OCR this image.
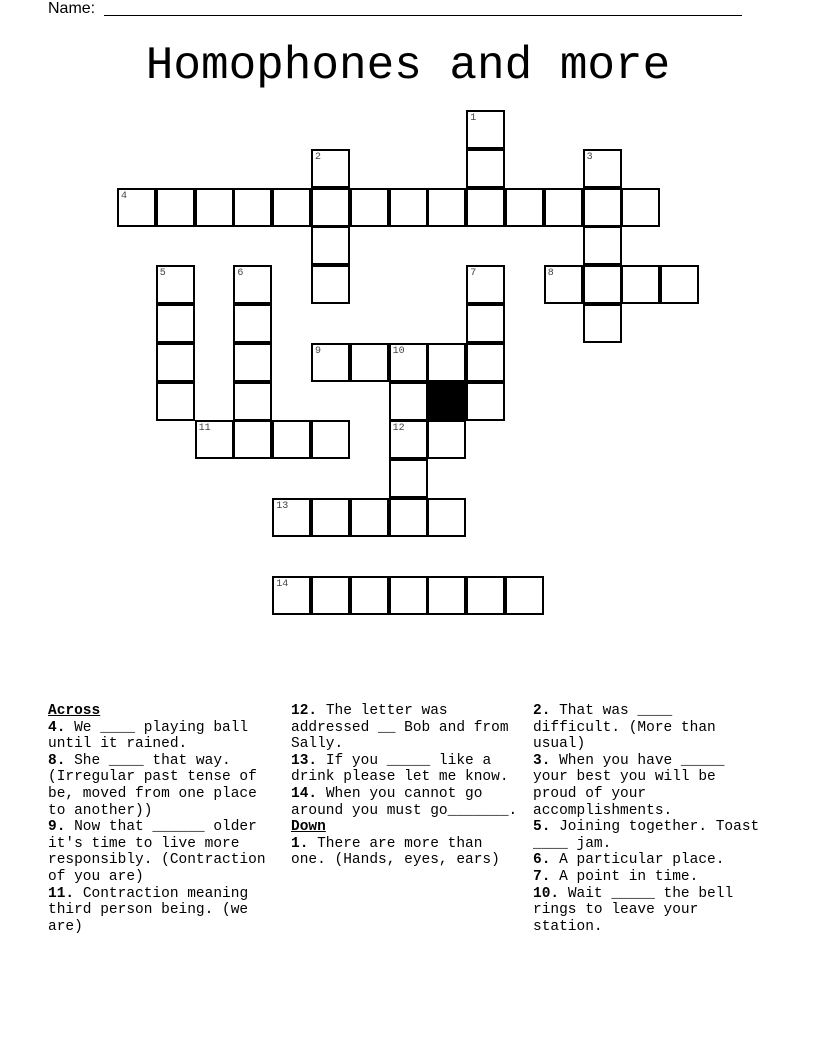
Name:
Homophones and more
1
2	3
4
5	6	7	8
9	10
11	12
13
14
Across
4. We ____ playing ball until it rained.
8. She ____ that way. (Irregular past tense of be, moved from one place to another))
9. Now that ______ older it's time to live more responsibly. (Contraction of you are)
11. Contraction meaning third person being. (we are)
12. The letter was addressed __ Bob and from Sally.
13. If you _____ like a drink please let me know.
14. When you cannot go around you must go_______.
Down
1. There are more than one. (Hands, eyes, ears)
2. That was ____ difficult. (More than usual)
3. When you have _____ your best you will be proud of your accomplishments.
5. Joining together. Toast ____ jam.
6. A particular place.
7. A point in time.
10. Wait _____ the bell rings to leave your station.
